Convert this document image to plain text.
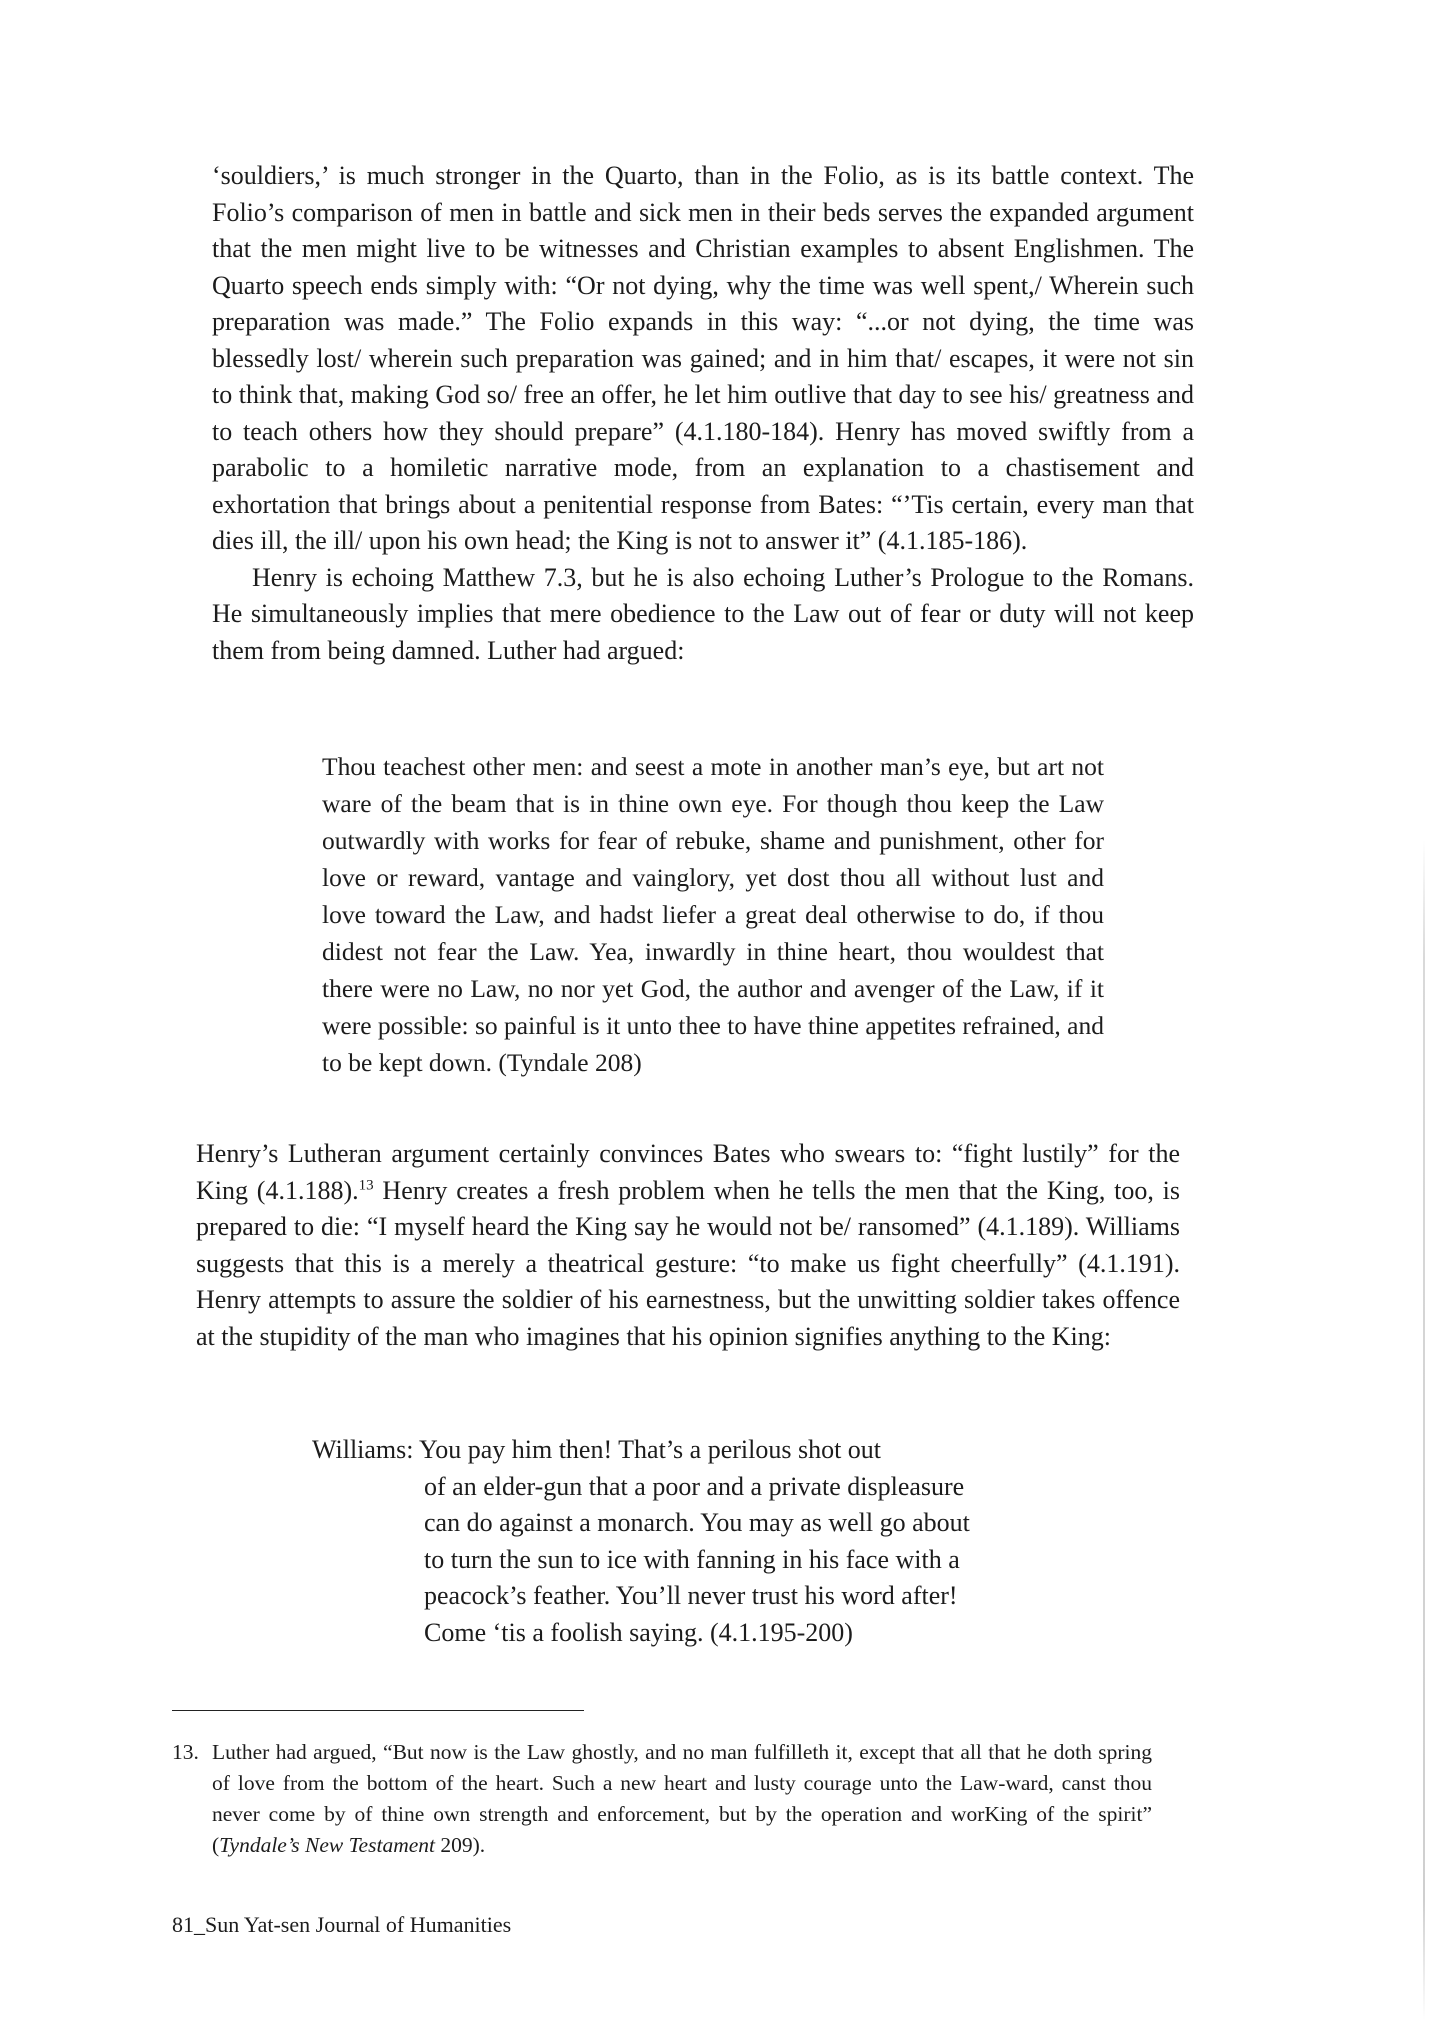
‘souldiers,’ is much stronger in the Quarto, than in the Folio, as is its battle context. The Folio’s comparison of men in battle and sick men in their beds serves the expanded argument that the men might live to be witnesses and Christian examples to absent Englishmen. The Quarto speech ends simply with: “Or not dying, why the time was well spent,/ Wherein such preparation was made.” The Folio expands in this way: “...or not dying, the time was blessedly lost/ wherein such preparation was gained; and in him that/ escapes, it were not sin to think that, making God so/ free an offer, he let him outlive that day to see his/ greatness and to teach others how they should prepare” (4.1.180-184). Henry has moved swiftly from a parabolic to a homiletic narrative mode, from an explanation to a chastisement and exhortation that brings about a penitential response from Bates: “’Tis certain, every man that dies ill, the ill/ upon his own head; the King is not to answer it” (4.1.185-186).

Henry is echoing Matthew 7.3, but he is also echoing Luther’s Prologue to the Romans. He simultaneously implies that mere obedience to the Law out of fear or duty will not keep them from being damned. Luther had argued:

Thou teachest other men: and seest a mote in another man’s eye, but art not ware of the beam that is in thine own eye. For though thou keep the Law outwardly with works for fear of rebuke, shame and punishment, other for love or reward, vantage and vainglory, yet dost thou all without lust and love toward the Law, and hadst liefer a great deal otherwise to do, if thou didest not fear the Law. Yea, inwardly in thine heart, thou wouldest that there were no Law, no nor yet God, the author and avenger of the Law, if it were possible: so painful is it unto thee to have thine appetites refrained, and to be kept down. (Tyndale 208)

Henry’s Lutheran argument certainly convinces Bates who swears to: “fight lustily” for the King (4.1.188).$^{13}$ Henry creates a fresh problem when he tells the men that the King, too, is prepared to die: “I myself heard the King say he would not be/ ransomed” (4.1.189). Williams suggests that this is a merely a theatrical gesture: “to make us fight cheerfully” (4.1.191). Henry attempts to assure the soldier of his earnestness, but the unwitting soldier takes offence at the stupidity of the man who imagines that his opinion signifies anything to the King:

Williams: You pay him then! That’s a perilous shot out
of an elder-gun that a poor and a private displeasure
can do against a monarch. You may as well go about
to turn the sun to ice with fanning in his face with a
peacock’s feather. You’ll never trust his word after!
Come ‘tis a foolish saying. (4.1.195-200)
13. Luther had argued, “But now is the Law ghostly, and no man fulfilleth it, except that all that he doth spring of love from the bottom of the heart. Such a new heart and lusty courage unto the Law-ward, canst thou never come by of thine own strength and enforcement, but by the operation and worKing of the spirit” (Tyndale’s New Testament 209).
81_Sun Yat-sen Journal of Humanities
